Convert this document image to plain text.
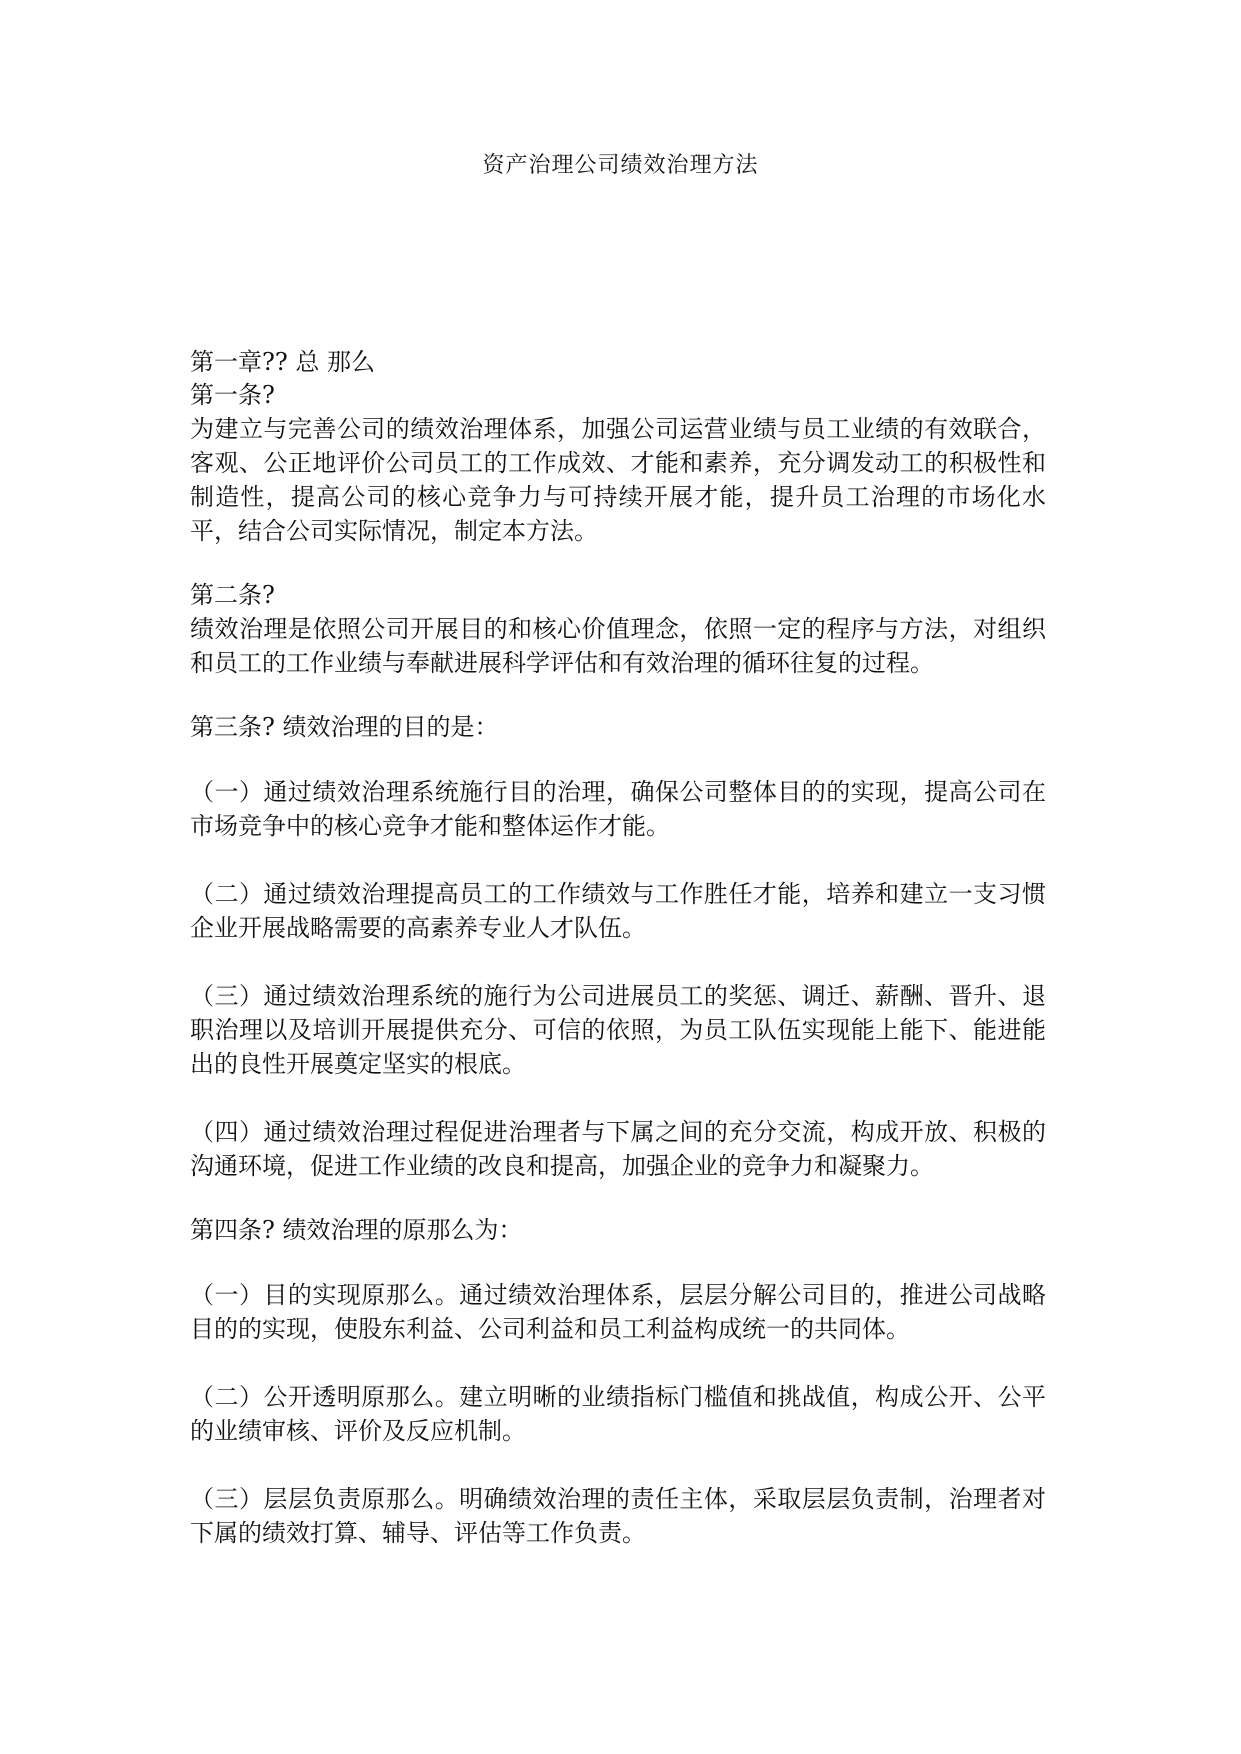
资产治理公司绩效治理方法
第一章?? 总 那么
第一条?
为建立与完善公司的绩效治理体系，加强公司运营业绩与员工业绩的有效联合，客观、公正地评价公司员工的工作成效、才能和素养，充分调发动工的积极性和制造性，提高公司的核心竞争力与可持续开展才能，提升员工治理的市场化水平，结合公司实际情况，制定本方法。
第二条?
绩效治理是依照公司开展目的和核心价值理念，依照一定的程序与方法，对组织和员工的工作业绩与奉献进展科学评估和有效治理的循环往复的过程。
第三条? 绩效治理的目的是：
（一）通过绩效治理系统施行目的治理，确保公司整体目的的实现，提高公司在市场竞争中的核心竞争才能和整体运作才能。
（二）通过绩效治理提高员工的工作绩效与工作胜任才能，培养和建立一支习惯企业开展战略需要的高素养专业人才队伍。
（三）通过绩效治理系统的施行为公司进展员工的奖惩、调迁、薪酬、晋升、退职治理以及培训开展提供充分、可信的依照，为员工队伍实现能上能下、能进能出的良性开展奠定坚实的根底。
（四）通过绩效治理过程促进治理者与下属之间的充分交流，构成开放、积极的沟通环境，促进工作业绩的改良和提高，加强企业的竞争力和凝聚力。
第四条? 绩效治理的原那么为：
（一）目的实现原那么。通过绩效治理体系，层层分解公司目的，推进公司战略目的的实现，使股东利益、公司利益和员工利益构成统一的共同体。
（二）公开透明原那么。建立明晰的业绩指标门槛值和挑战值，构成公开、公平的业绩审核、评价及反应机制。
（三）层层负责原那么。明确绩效治理的责任主体，采取层层负责制，治理者对下属的绩效打算、辅导、评估等工作负责。
